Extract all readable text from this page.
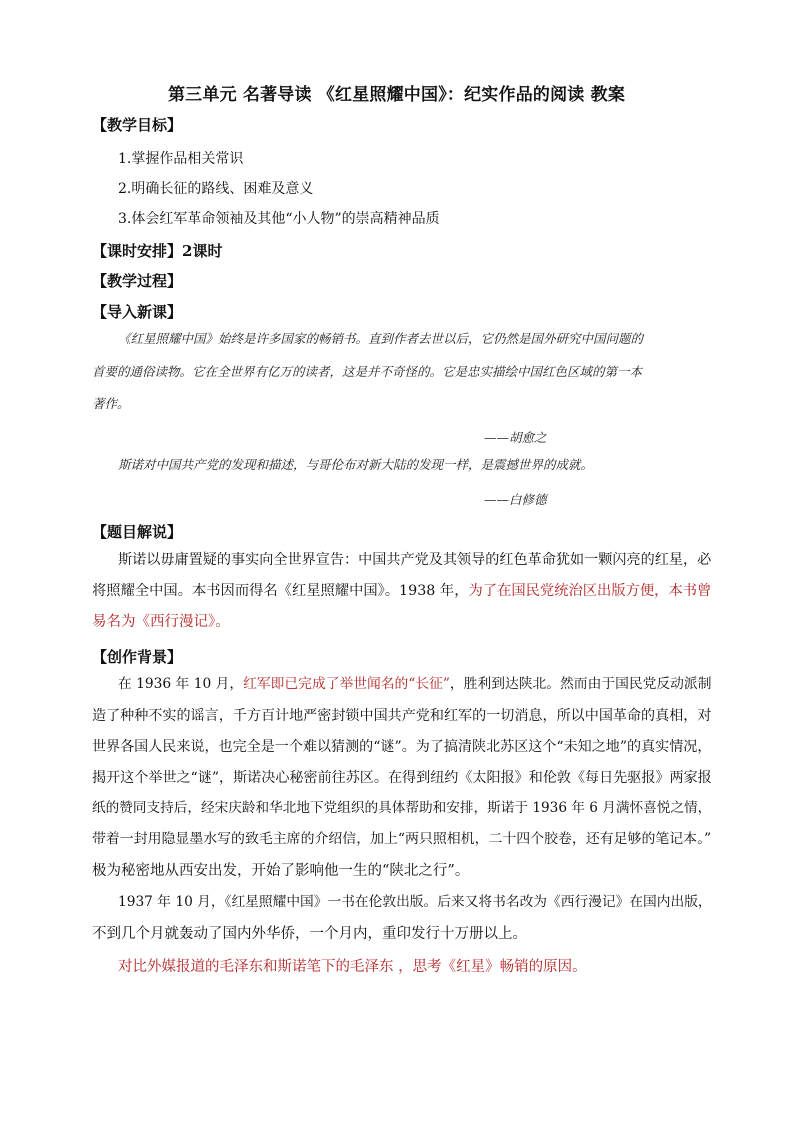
第三单元 名著导读 《红星照耀中国》：纪实作品的阅读 教案
【教学目标】
1.掌握作品相关常识
2.明确长征的路线、困难及意义
3.体会红军革命领袖及其他“小人物”的崇高精神品质
【课时安排】2课时
【教学过程】
【导入新课】
《红星照耀中国》始终是许多国家的畅销书。直到作者去世以后，它仍然是国外研究中国问题的
首要的通俗读物。它在全世界有亿万的读者，这是并不奇怪的。它是忠实描绘中国红色区域的第一本
著作。
——胡愈之
斯诺对中国共产党的发现和描述，与哥伦布对新大陆的发现一样，是震撼世界的成就。
——白修德
【题目解说】
斯诺以毋庸置疑的事实向全世界宣告：中国共产党及其领导的红色革命犹如一颗闪亮的红星，必
将照耀全中国。本书因而得名《红星照耀中国》。1938 年，为了在国民党统治区出版方便，本书曾
易名为《西行漫记》。
【创作背景】
在 1936 年 10 月，红军即已完成了举世闻名的“长征”，胜利到达陕北。然而由于国民党反动派制
造了种种不实的谣言，千方百计地严密封锁中国共产党和红军的一切消息，所以中国革命的真相，对
世界各国人民来说，也完全是一个难以猜测的“谜”。为了搞清陕北苏区这个“未知之地”的真实情况，
揭开这个举世之“谜”，斯诺决心秘密前往苏区。在得到纽约《太阳报》和伦敦《每日先驱报》两家报
纸的赞同支持后，经宋庆龄和华北地下党组织的具体帮助和安排，斯诺于 1936 年 6 月满怀喜悦之情，
带着一封用隐显墨水写的致毛主席的介绍信，加上“两只照相机，二十四个胶卷，还有足够的笔记本。”
极为秘密地从西安出发，开始了影响他一生的“陕北之行”。
1937 年 10 月，《红星照耀中国》一书在伦敦出版。后来又将书名改为《西行漫记》在国内出版，
不到几个月就轰动了国内外华侨，一个月内，重印发行十万册以上。
对比外媒报道的毛泽东和斯诺笔下的毛泽东 ，思考《红星》畅销的原因。
